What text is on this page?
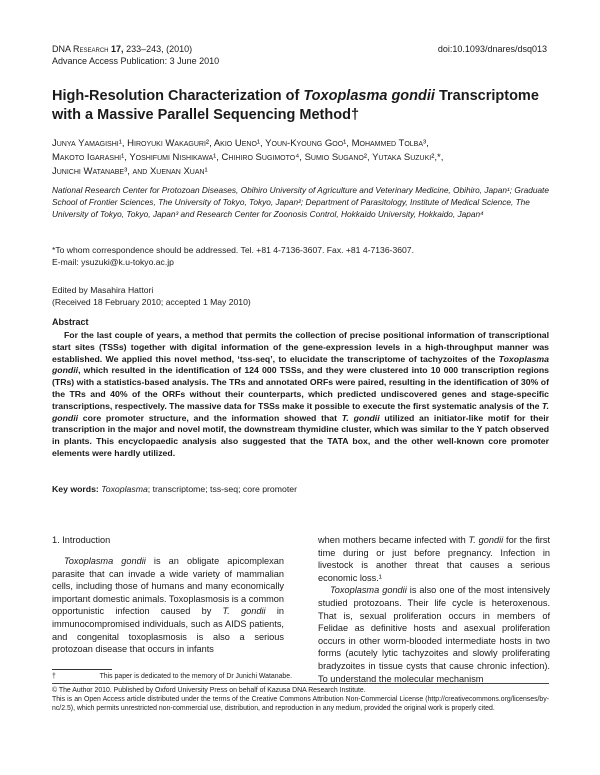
DNA Research 17, 233–243, (2010)
Advance Access Publication: 3 June 2010
doi:10.1093/dnares/dsq013
High-Resolution Characterization of Toxoplasma gondii Transcriptome with a Massive Parallel Sequencing Method†
Junya Yamagishi¹, Hiroyuki Wakaguri², Akio Ueno¹, Youn-Kyoung Goo¹, Mohammed Tolba³,
Makoto Igarashi¹, Yoshifumi Nishikawa¹, Chihiro Sugimoto⁴, Sumio Sugano², Yutaka Suzuki²,*,
Junichi Watanabe³, and Xuenan Xuan¹
National Research Center for Protozoan Diseases, Obihiro University of Agriculture and Veterinary Medicine, Obihiro, Japan¹; Graduate School of Frontier Sciences, The University of Tokyo, Tokyo, Japan²; Department of Parasitology, Institute of Medical Science, The University of Tokyo, Tokyo, Japan³ and Research Center for Zoonosis Control, Hokkaido University, Hokkaido, Japan⁴
*To whom correspondence should be addressed. Tel. +81 4-7136-3607. Fax. +81 4-7136-3607.
E-mail: ysuzuki@k.u-tokyo.ac.jp
Edited by Masahira Hattori
(Received 18 February 2010; accepted 1 May 2010)
Abstract

For the last couple of years, a method that permits the collection of precise positional information of transcriptional start sites (TSSs) together with digital information of the gene-expression levels in a high-throughput manner was established. We applied this novel method, ‘tss-seq’, to elucidate the transcriptome of tachyzoites of the Toxoplasma gondii, which resulted in the identification of 124 000 TSSs, and they were clustered into 10 000 transcription regions (TRs) with a statistics-based analysis. The TRs and annotated ORFs were paired, resulting in the identification of 30% of the TRs and 40% of the ORFs without their counterparts, which predicted undiscovered genes and stage-specific transcriptions, respectively. The massive data for TSSs make it possible to execute the first systematic analysis of the T. gondii core promoter structure, and the information showed that T. gondii utilized an initiator-like motif for their transcription in the major and novel motif, the downstream thymidine cluster, which was similar to the Y patch observed in plants. This encyclopaedic analysis also suggested that the TATA box, and the other well-known core promoter elements were hardly utilized.

Key words: Toxoplasma; transcriptome; tss-seq; core promoter
1. Introduction

Toxoplasma gondii is an obligate apicomplexan parasite that can invade a wide variety of mammalian cells, including those of humans and many economically important domestic animals. Toxoplasmosis is a common opportunistic infection caused by T. gondii in immunocompromised individuals, such as AIDS patients, and congenital toxoplasmosis is also a serious protozoan disease that occurs in infants

when mothers became infected with T. gondii for the first time during or just before pregnancy. Infection in livestock is another threat that causes a serious economic loss.¹

Toxoplasma gondii is also one of the most intensively studied protozoans. Their life cycle is heteroxenous. That is, sexual proliferation occurs in members of Felidae as definitive hosts and asexual proliferation occurs in other worm-blooded intermediate hosts in two forms (acutely lytic tachyzoites and slowly proliferating bradyzoites in tissue cysts that cause chronic infection). To understand the molecular mechanism

†	This paper is dedicated to the memory of Dr Junichi Watanabe.
© The Author 2010. Published by Oxford University Press on behalf of Kazusa DNA Research Institute.
This is an Open Access article distributed under the terms of the Creative Commons Attribution Non-Commercial License (http://creativecommons.org/licenses/by-nc/2.5), which permits unrestricted non-commercial use, distribution, and reproduction in any medium, provided the original work is properly cited.
